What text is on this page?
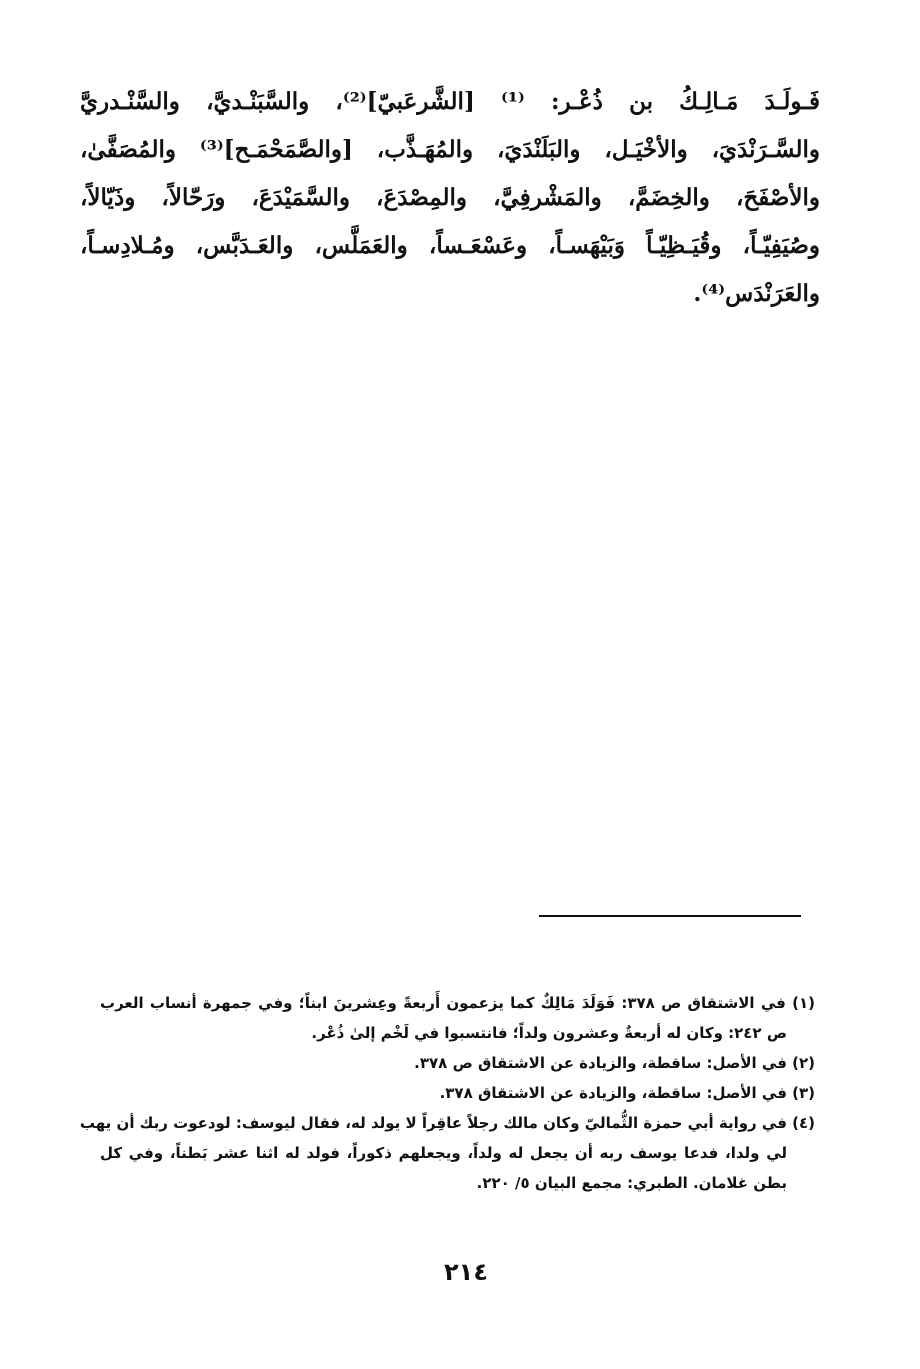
فَـولَـدَ مَـالِـكُ بن ذُعْـر: ⁽¹⁾ [الشَّرعَبيّ]⁽²⁾، والسَّبَنْـديَّ، والسَّنْـدريَّ
والسَّـرَنْدَيَ، والأخْيَـل، والبَلَنْدَيَ، والمُهَـذَّب، [والصَّمَحْمَـح]⁽³⁾ والمُصَفَّىٰ،
والأصْفَحَ، والخِضَمَّ، والمَشْرفِيَّ، والمِصْدَعَ، والسَّمَيْدَعَ، ورَحّالاً، وذَيّالاً،
وصُيَفِيّـاً، وقُيَـظِيّـاً وَبَيْهَسـاً، وعَسْعَـساً، والعَمَلَّس، والعَـدَبَّس، ومُـلادِسـاً،
والعَرَنْدَس⁽⁴⁾.
(١) في الاشتقاق ص ٣٧٨: فَوَلَدَ مَالِكٌ كما يزعمون أَربعةً وعِشرينَ ابناً؛ وفي جمهرة أنساب العرب
ص ٢٤٢: وكان له أربعةٌ وعشرون ولداً؛ فانتسبوا في لَخْم إلىٰ ذُعْر.
(٢) في الأصل: ساقطة، والزيادة عن الاشتقاق ص ٣٧٨.
(٣) في الأصل: ساقطة، والزيادة عن الاشتقاق ٣٧٨.
(٤) في رواية أبي حمزة الثُّماليّ وكان مالك رجلاً عاقِراً لا يولد له، فقال ليوسف: لودعوت ربك أن يهب
لي ولدا، فدعا يوسف ربه أن يجعل له ولداً، ويجعلهم ذكوراً، فولد له اثنا عشر بَطناً، وفي كل
بطن غلامان. الطبري: مجمع البيان ٥/ ٢٢٠.
٢١٤
